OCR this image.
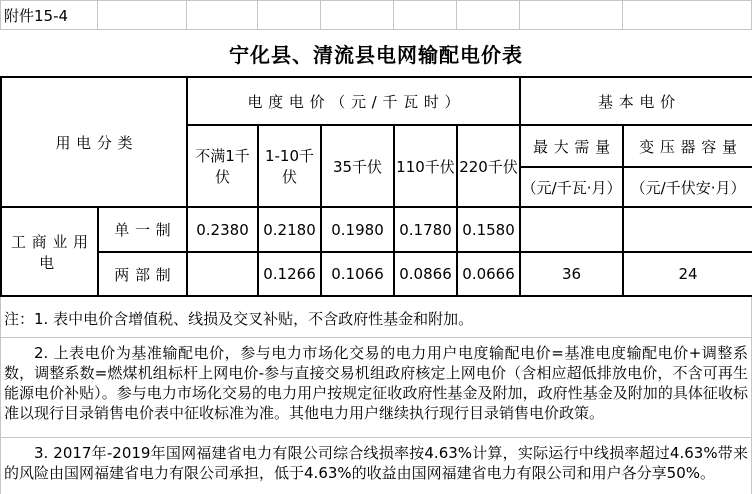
附件15-4
宁化县、清流县电网输配电价表
用电分类		电度电价（元/千瓦时）					基本电价	
		不满1千伏	1-10千伏	35千伏	110千伏	220千伏	最大需量	变压器容量
							（元/千瓦·月）	（元/千伏安·月）
工商业用电	单一制	0.2380	0.2180	0.1980	0.1780	0.1580		
	两部制		0.1266	0.1066	0.0866	0.0666	36	24
注：1. 表中电价含增值税、线损及交叉补贴，不含政府性基金和附加。
2. 上表电价为基准输配电价，参与电力市场化交易的电力用户电度输配电价=基准电度输配电价+调整系数，调整系数=燃煤机组标杆上网电价-参与直接交易机组政府核定上网电价（含相应超低排放电价，不含可再生能源电价补贴）。参与电力市场化交易的电力用户按规定征收政府性基金及附加，政府性基金及附加的具体征收标准以现行目录销售电价表中征收标准为准。其他电力用户继续执行现行目录销售电价政策。
3. 2017年-2019年国网福建省电力有限公司综合线损率按4.63%计算，实际运行中线损率超过4.63%带来的风险由国网福建省电力有限公司承担，低于4.63%的收益由国网福建省电力有限公司和用户各分享50%。
